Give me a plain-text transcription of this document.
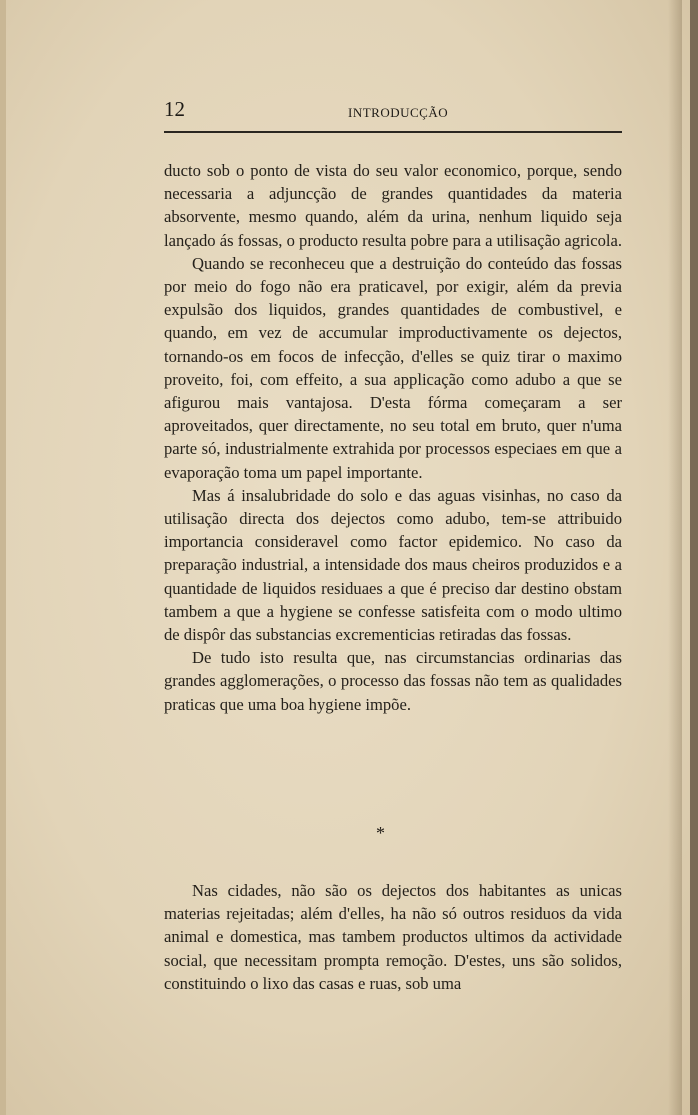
12	INTRODUCÇÃO

ducto sob o ponto de vista do seu valor economico, porque, sendo necessaria a adjuncção de grandes quantidades da materia absorvente, mesmo quando, além da urina, nenhum liquido seja lançado ás fossas, o producto resulta pobre para a utilisação agricola.

Quando se reconheceu que a destruição do conteúdo das fossas por meio do fogo não era praticavel, por exigir, além da previa expulsão dos liquidos, grandes quantidades de combustivel, e quando, em vez de accumular improductivamente os dejectos, tornando-os em focos de infecção, d'elles se quiz tirar o maximo proveito, foi, com effeito, a sua applicação como adubo a que se afigurou mais vantajosa. D'esta fórma começaram a ser aproveitados, quer directamente, no seu total em bruto, quer n'uma parte só, industrialmente extrahida por processos especiaes em que a evaporação toma um papel importante.

Mas á insalubridade do solo e das aguas visinhas, no caso da utilisação directa dos dejectos como adubo, tem-se attribuido importancia consideravel como factor epidemico. No caso da preparação industrial, a intensidade dos maus cheiros produzidos e a quantidade de liquidos residuaes a que é preciso dar destino obstam tambem a que a hygiene se confesse satisfeita com o modo ultimo de dispôr das substancias excrementicias retiradas das fossas.

De tudo isto resulta que, nas circumstancias ordinarias das grandes agglomerações, o processo das fossas não tem as qualidades praticas que uma boa hygiene impõe.

*

Nas cidades, não são os dejectos dos habitantes as unicas materias rejeitadas; além d'elles, ha não só outros residuos da vida animal e domestica, mas tambem productos ultimos da actividade social, que necessitam prompta remoção. D'estes, uns são solidos, constituindo o lixo das casas e ruas, sob uma
